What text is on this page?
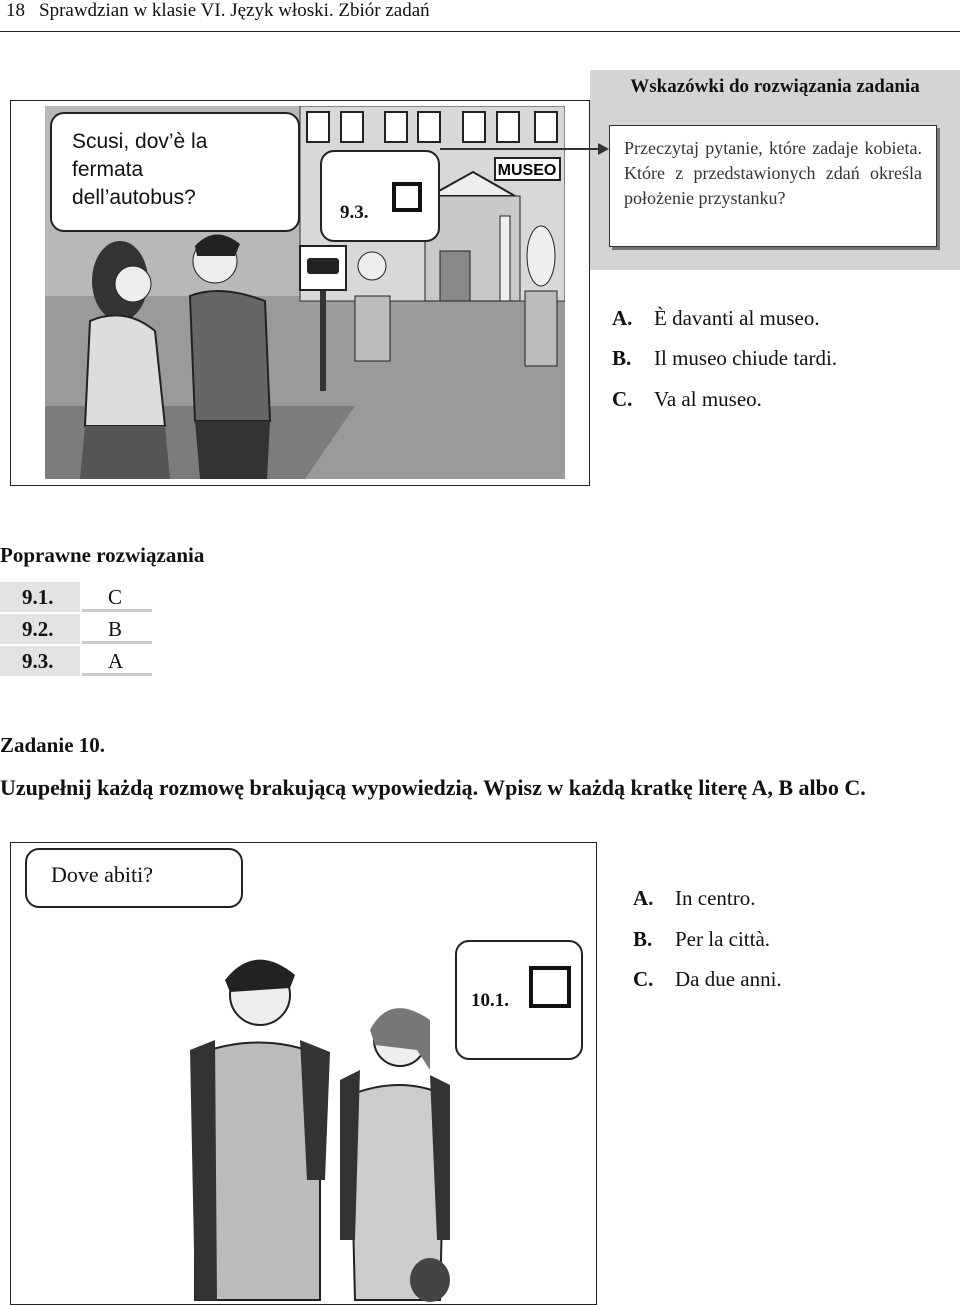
18 Sprawdzian w klasie VI. Język włoski. Zbiór zadań
Wskazówki do rozwiązania zadania
Przeczytaj pytanie, które zadaje kobieta. Które z przedstawionych zdań określa położenie przystanku?
MUSEO
Scusi, dov’è la
fermata
dell’autobus?
9.3.
A. È davanti al museo.
B. Il museo chiude tardi.
C. Va al museo.
Poprawne rozwiązania
9.1.	C
9.2.	B
9.3.	A
Zadanie 10.
Uzupełnij każdą rozmowę brakującą wypowiedzią. Wpisz w każdą kratkę literę A, B albo C.
Dove abiti?
10.1.
A. In centro.
B. Per la città.
C. Da due anni.
